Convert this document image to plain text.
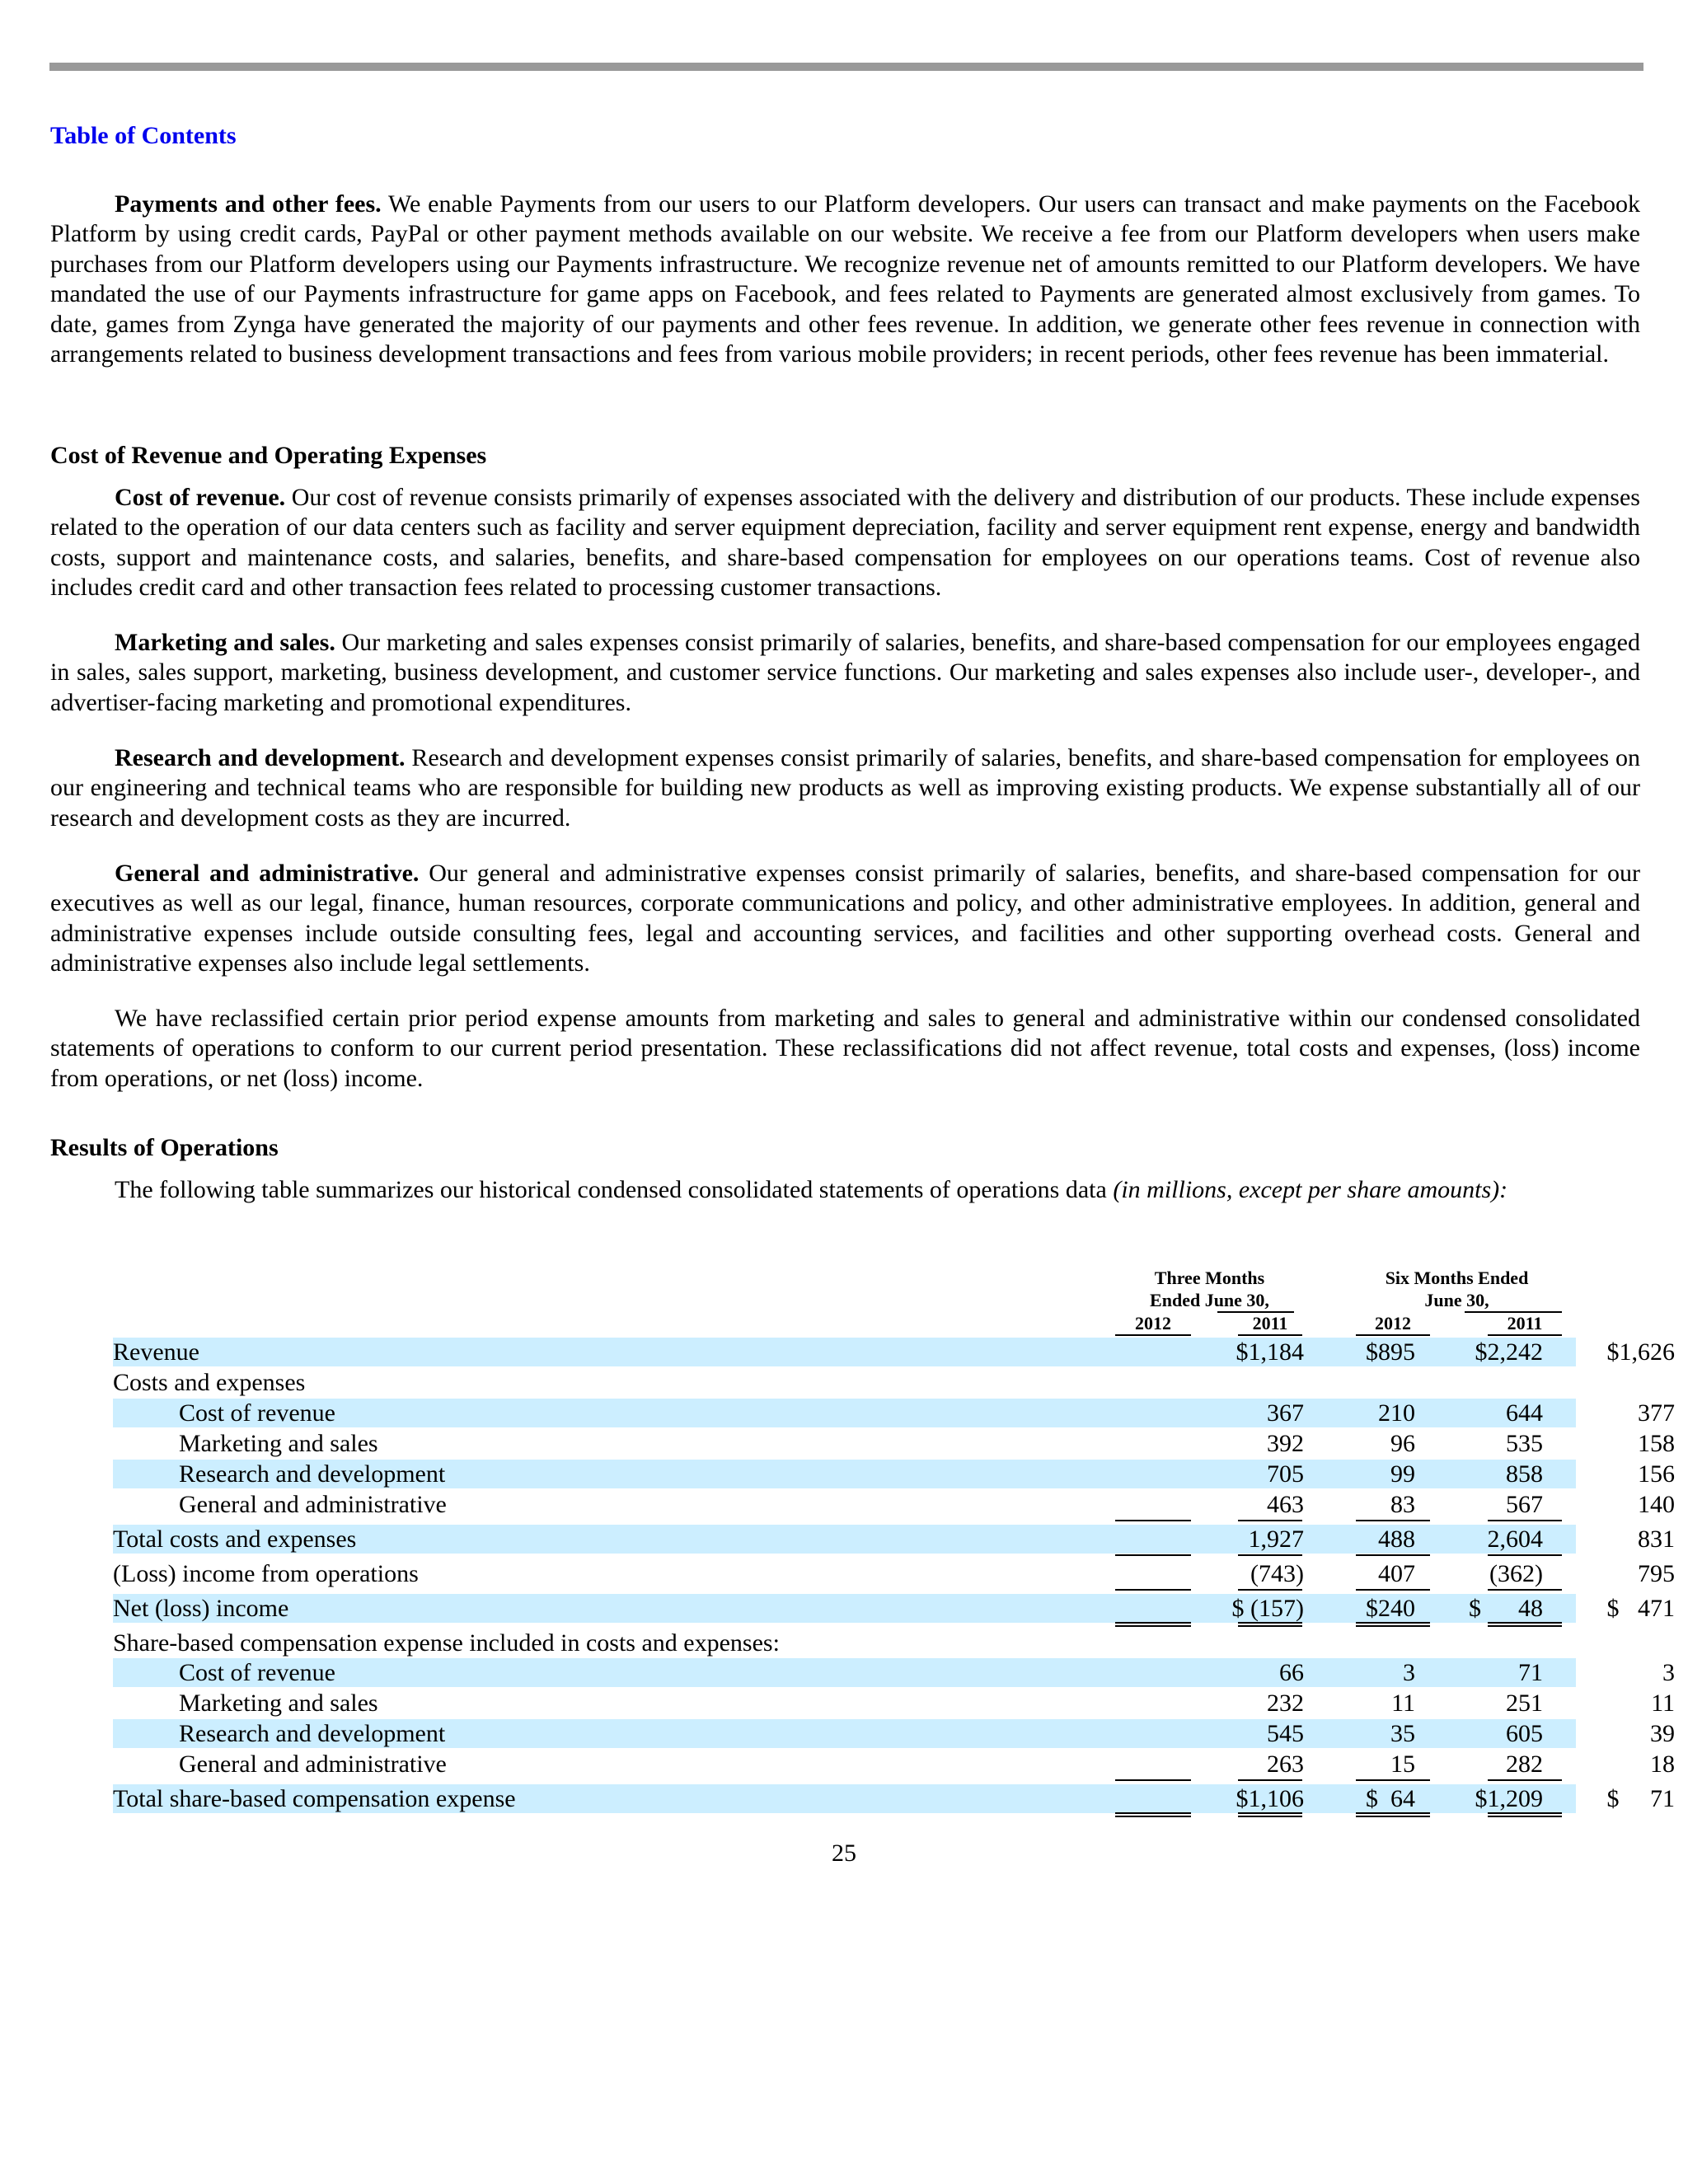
Table of Contents

Payments and other fees. We enable Payments from our users to our Platform developers. Our users can transact and make payments on the Facebook Platform by using credit cards, PayPal or other payment methods available on our website. We receive a fee from our Platform developers when users make purchases from our Platform developers using our Payments infrastructure. We recognize revenue net of amounts remitted to our Platform developers. We have mandated the use of our Payments infrastructure for game apps on Facebook, and fees related to Payments are generated almost exclusively from games. To date, games from Zynga have generated the majority of our payments and other fees revenue. In addition, we generate other fees revenue in connection with arrangements related to business development transactions and fees from various mobile providers; in recent periods, other fees revenue has been immaterial.

Cost of Revenue and Operating Expenses

Cost of revenue. Our cost of revenue consists primarily of expenses associated with the delivery and distribution of our products. These include expenses related to the operation of our data centers such as facility and server equipment depreciation, facility and server equipment rent expense, energy and bandwidth costs, support and maintenance costs, and salaries, benefits, and share-based compensation for employees on our operations teams. Cost of revenue also includes credit card and other transaction fees related to processing customer transactions.

Marketing and sales. Our marketing and sales expenses consist primarily of salaries, benefits, and share-based compensation for our employees engaged in sales, sales support, marketing, business development, and customer service functions. Our marketing and sales expenses also include user-, developer-, and advertiser-facing marketing and promotional expenditures.

Research and development. Research and development expenses consist primarily of salaries, benefits, and share-based compensation for employees on our engineering and technical teams who are responsible for building new products as well as improving existing products. We expense substantially all of our research and development costs as they are incurred.

General and administrative. Our general and administrative expenses consist primarily of salaries, benefits, and share-based compensation for our executives as well as our legal, finance, human resources, corporate communications and policy, and other administrative employees. In addition, general and administrative expenses include outside consulting fees, legal and accounting services, and facilities and other supporting overhead costs. General and administrative expenses also include legal settlements.

We have reclassified certain prior period expense amounts from marketing and sales to general and administrative within our condensed consolidated statements of operations to conform to our current period presentation. These reclassifications did not affect revenue, total costs and expenses, (loss) income from operations, or net (loss) income.

Results of Operations

The following table summarizes our historical condensed consolidated statements of operations data (in millions, except per share amounts):

Three Months
Ended June 30,
Six Months Ended
June 30,
2012	2011	2012	2011
Revenue	$1,184	$895	$2,242	$1,626
Costs and expenses
Cost of revenue	367	210	644	377
Marketing and sales	392	96	535	158
Research and development	705	99	858	156
General and administrative	463	83	567	140
Total costs and expenses	1,927	488	2,604	831
(Loss) income from operations	(743)	407	(362)	795
Net (loss) income	$ (157)	$240	$      48	$   471
Share-based compensation expense included in costs and expenses:
Cost of revenue	66	3	71	3
Marketing and sales	232	11	251	11
Research and development	545	35	605	39
General and administrative	263	15	282	18
Total share-based compensation expense	$1,106	$  64	$1,209	$     71
25
